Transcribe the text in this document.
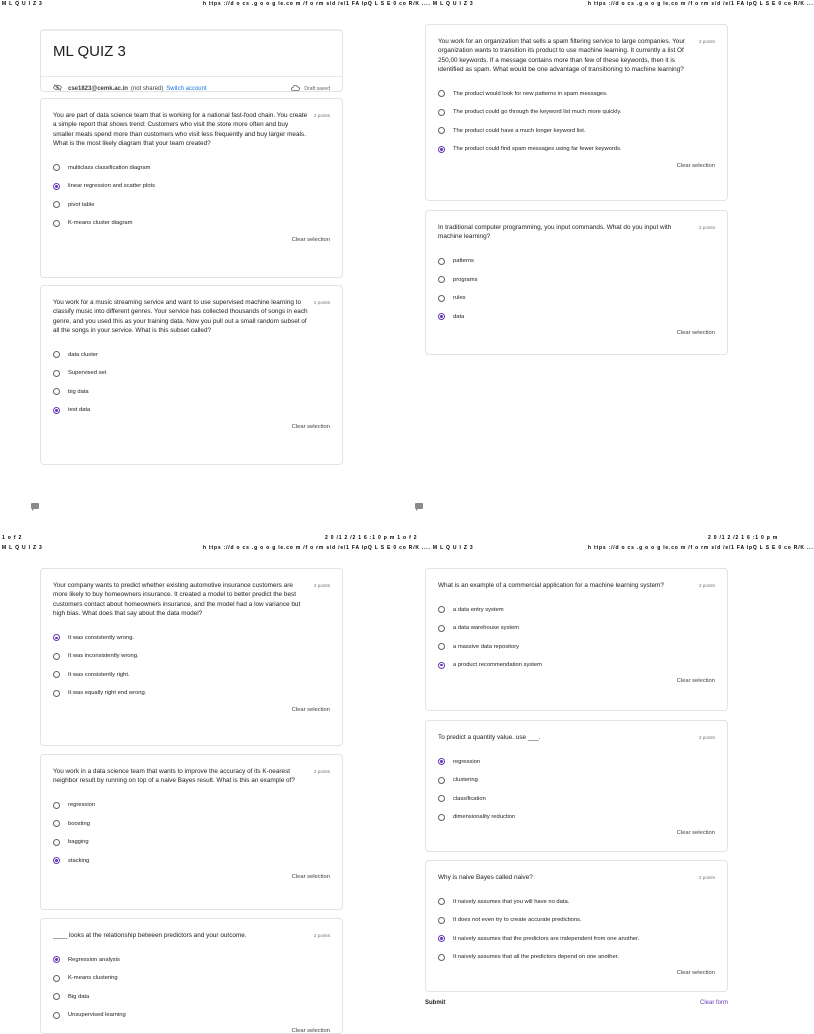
M L Q U I Z 3	h ttps ://d o cs .g o o g le.co m /f o rm s/d /e/1 FA IpQ L S E 0 co R/K .... M L Q U I Z 3	h ttps ://d o cs .g o o g le.co m /f o rm s/d /e/1 FA IpQ L S E 0 co R/K ...
1 o f 2
M L Q U I Z 3
2 0 /1 2 /2 1 6 :1 0 p m 1 o f 2
h ttps ://d o cs .g o o g le.co m /f o rm s/d /e/1 FA IpQ L S E 0 co R/K .... M L Q U I Z 3
2 0 /1 2 /2 1 6 :1 0 p m
h ttps ://d o cs .g o o g le.co m /f o rm s/d /e/1 FA IpQ L S E 0 co R/K ...
ML QUIZ 3
cse1823@cemk.ac.in (not shared) Switch account	Draft saved
You are part of data science team that is working for a national fast-food chain. You create a simple report that shows trend: Customers who visit the store more often and buy smaller meals spend more than customers who visit less frequently and buy larger meals. What is the most likely diagram that your team created?
2 points
multiclass classification diagram
linear regression and scatter plots
pivot table
K-means cluster diagram
Clear selection
You work for a music streaming service and want to use supervised machine learning to classify music into different genres. Your service has collected thousands of songs in each genre, and you used this as your training data. Now you pull out a small random subset of all the songs in your service. What is this subset called?
2 points
data cluster
Supervised set
big data
test data
Clear selection
You work for an organization that sells a spam filtering service to large companies. Your organization wants to transition its product to use machine learning. It currently a list Of 250,00 keywords. If a message contains more than few of these keywords, then it is identified as spam. What would be one advantage of transitioning to machine learning?
2 points
The product would look for new patterns in spam messages.
The product could go through the keyword list much more quickly.
The product could have a much longer keyword list.
The product could find spam messages using far fewer keywords.
Clear selection
In traditional computer programming, you input commands. What do you input with machine learning?
2 points
patterns
programs
rules
data
Clear selection
Your company wants to predict whether existing automotive insurance customers are more likely to buy homeowners insurance. It created a model to better predict the best customers contact about homeowners insurance, and the model had a low variance but high bias. What does that say about the data model?
2 points
It was consistently wrong.
It was inconsistently wrong.
It was consistently right.
It was equally right end wrong.
Clear selection
You work in a data science team that wants to improve the accuracy of its K-nearest neighbor result by running on top of a naive Bayes result. What is this an example of?
2 points
regression
boosting
bagging
stacking
Clear selection
____ looks at the relationship between predictors and your outcome.	2 points
Regression analysis
K-means clustering
Big data
Unsupervised learning
Clear selection
What is an example of a commercial application for a machine learning system?	2 points
a data entry system
a data warehouse system
a massive data repository
a product recommendation system
Clear selection
To predict a quantity value. use ___.	2 points
regression
clustering
classification
dimensionality reduction
Clear selection
Why is naive Bayes called naive?	2 points
It naively assumes that you will have no data.
It does not even try to create accurate predictions.
It naively assumes that the predictors are independent from one another.
It naively assumes that all the predictors depend on one another.
Clear selection
Submit	Clear form
